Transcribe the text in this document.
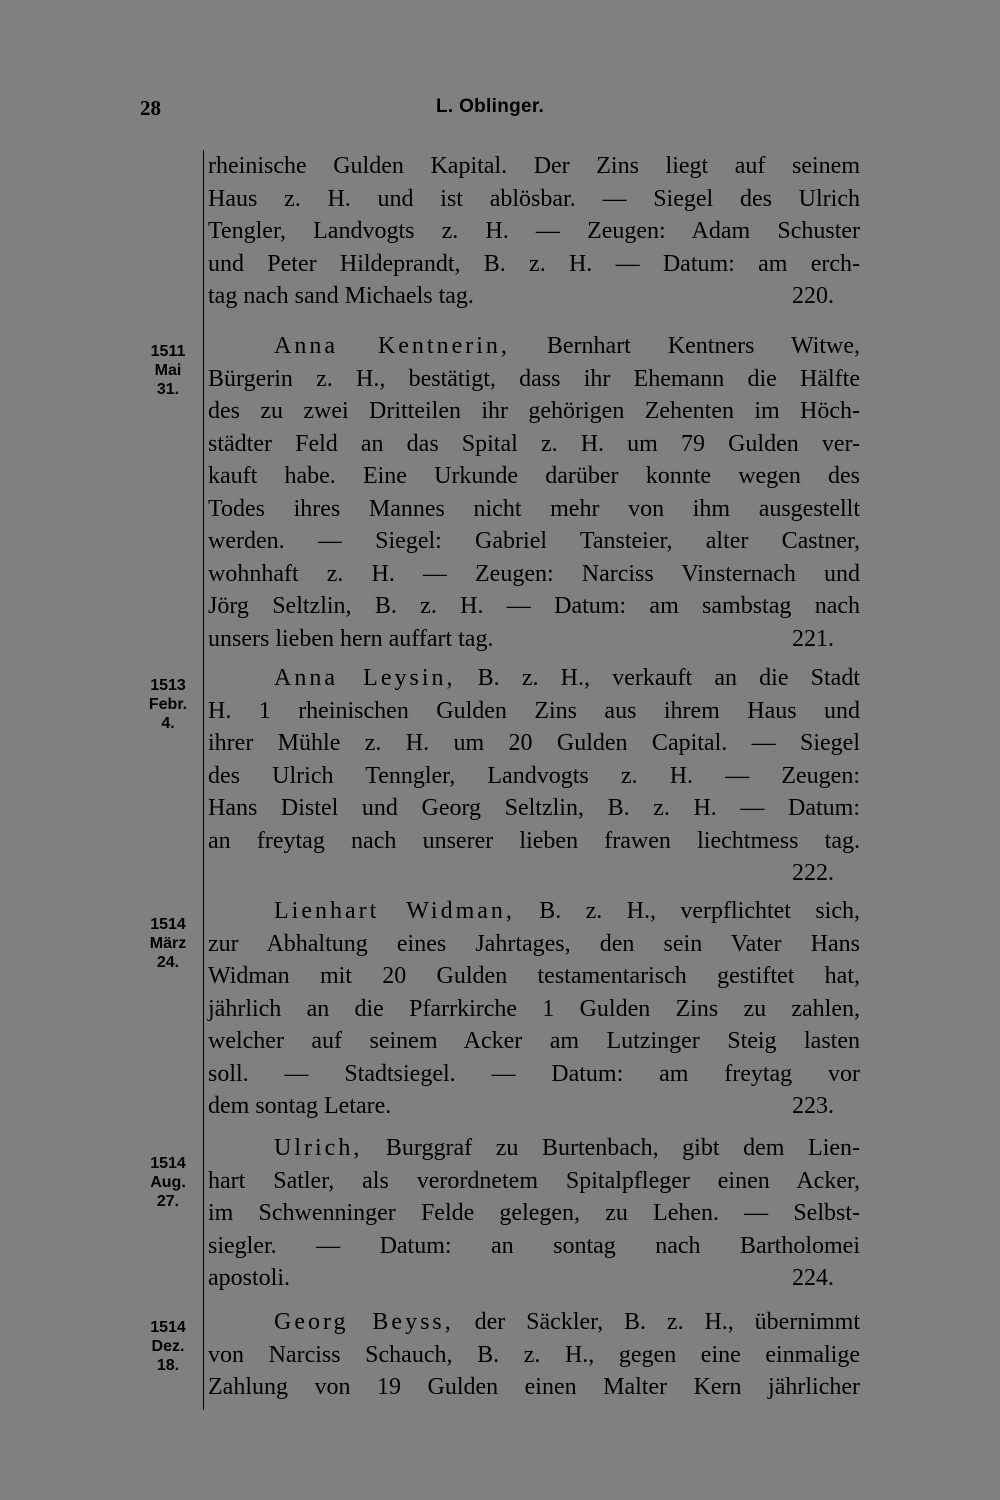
28	L. Oblinger.
rheinische Gulden Kapital. Der Zins liegt auf seinem
Haus z. H. und ist ablösbar. — Siegel des Ulrich
Tengler, Landvogts z. H. — Zeugen: Adam Schuster
und Peter Hildeprandt, B. z. H. — Datum: am erch-
tag nach sand Michaels tag.	220.
1511
Mai
31.
Anna Kentnerin, Bernhart Kentners Witwe,
Bürgerin z. H., bestätigt, dass ihr Ehemann die Hälfte
des zu zwei Dritteilen ihr gehörigen Zehenten im Höch-
städter Feld an das Spital z. H. um 79 Gulden ver-
kauft habe. Eine Urkunde darüber konnte wegen des
Todes ihres Mannes nicht mehr von ihm ausgestellt
werden. — Siegel: Gabriel Tansteier, alter Castner,
wohnhaft z. H. — Zeugen: Narciss Vinsternach und
Jörg Seltzlin, B. z. H. — Datum: am sambstag nach
unsers lieben hern auffart tag.	221.
1513
Febr.
4.
Anna Leysin, B. z. H., verkauft an die Stadt
H. 1 rheinischen Gulden Zins aus ihrem Haus und
ihrer Mühle z. H. um 20 Gulden Capital. — Siegel
des Ulrich Tenngler, Landvogts z. H. — Zeugen:
Hans Distel und Georg Seltzlin, B. z. H. — Datum:
an freytag nach unserer lieben frawen liechtmess tag.
222.
1514
März
24.
Lienhart Widman, B. z. H., verpflichtet sich,
zur Abhaltung eines Jahrtages, den sein Vater Hans
Widman mit 20 Gulden testamentarisch gestiftet hat,
jährlich an die Pfarrkirche 1 Gulden Zins zu zahlen,
welcher auf seinem Acker am Lutzinger Steig lasten
soll. — Stadtsiegel. — Datum: am freytag vor
dem sontag Letare.	223.
1514
Aug.
27.
Ulrich, Burggraf zu Burtenbach, gibt dem Lien-
hart Satler, als verordnetem Spitalpfleger einen Acker,
im Schwenninger Felde gelegen, zu Lehen. — Selbst-
siegler. — Datum: an sontag nach Bartholomei
apostoli.	224.
1514
Dez.
18.
Georg Beyss, der Säckler, B. z. H., übernimmt
von Narciss Schauch, B. z. H., gegen eine einmalige
Zahlung von 19 Gulden einen Malter Kern jährlicher
